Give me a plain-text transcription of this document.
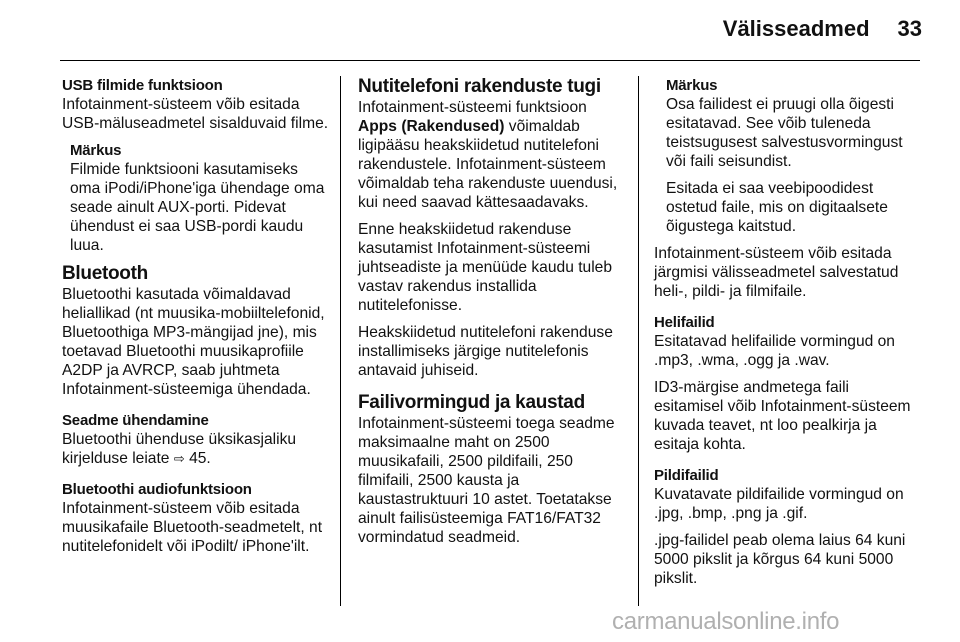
Välisseadmed 33
USB filmide funktsioon

Infotainment-süsteem võib esitada USB-mäluseadmetel sisalduvaid filme.

Märkus

Filmide funktsiooni kasutamiseks oma iPodi/iPhone'iga ühendage oma seade ainult AUX-porti. Pidevat ühendust ei saa USB-pordi kaudu luua.

Bluetooth

Bluetoothi kasutada võimaldavad heliallikad (nt muusika-mobiiltelefonid, Bluetoothiga MP3-mängijad jne), mis toetavad Bluetoothi muusikaprofiile A2DP ja AVRCP, saab juhtmeta Infotainment-süsteemiga ühendada.

Seadme ühendamine

Bluetoothi ühenduse üksikasjaliku kirjelduse leiate ⇨ 45.

Bluetoothi audiofunktsioon

Infotainment-süsteem võib esitada muusikafaile Bluetooth-seadmetelt, nt nutitelefonidelt või iPodilt/ iPhone'ilt.

Nutitelefoni rakenduste tugi

Infotainment-süsteemi funktsioon Apps (Rakendused) võimaldab ligipääsu heakskiidetud nutitelefoni rakendustele. Infotainment-süsteem võimaldab teha rakenduste uuendusi, kui need saavad kättesaadavaks.

Enne heakskiidetud rakenduse kasutamist Infotainment-süsteemi juhtseadiste ja menüüde kaudu tuleb vastav rakendus installida nutitelefonisse.

Heakskiidetud nutitelefoni rakenduse installimiseks järgige nutitelefonis antavaid juhiseid.

Failivormingud ja kaustad

Infotainment-süsteemi toega seadme maksimaalne maht on 2500 muusikafaili, 2500 pildifaili, 250 filmifaili, 2500 kausta ja kaustastruktuuri 10 astet. Toetatakse ainult failisüsteemiga FAT16/FAT32 vormindatud seadmeid.

Märkus

Osa failidest ei pruugi olla õigesti esitatavad. See võib tuleneda teistsugusest salvestusvormingust või faili seisundist.

Esitada ei saa veebipoodidest ostetud faile, mis on digitaalsete õigustega kaitstud.

Infotainment-süsteem võib esitada järgmisi välisseadmetel salvestatud heli-, pildi- ja filmifaile.

Helifailid

Esitatavad helifailide vormingud on .mp3, .wma, .ogg ja .wav.

ID3-märgise andmetega faili esitamisel võib Infotainment-süsteem kuvada teavet, nt loo pealkirja ja esitaja kohta.

Pildifailid

Kuvatavate pildifailide vormingud on .jpg, .bmp, .png ja .gif.

.jpg-failidel peab olema laius 64 kuni 5000 pikslit ja kõrgus 64 kuni 5000 pikslit.

carmanualsonline.info
